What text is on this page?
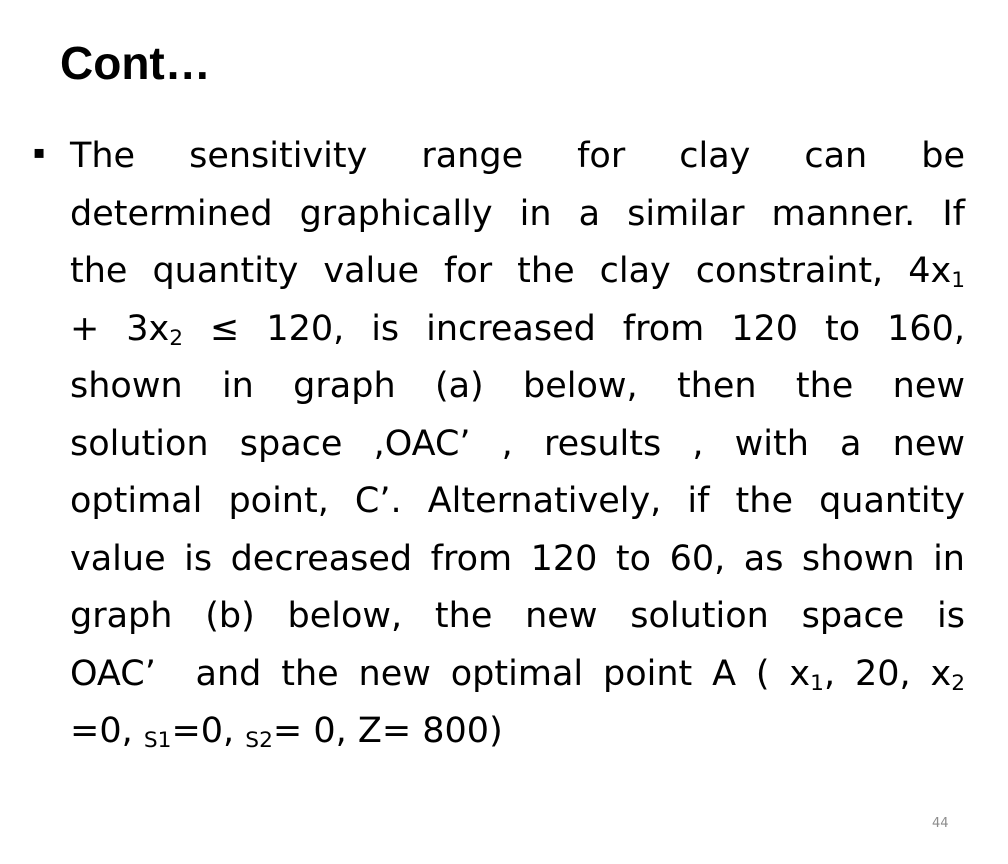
Cont…
▪ The sensitivity range for clay can be
determined graphically in a similar manner. If
the quantity value for the clay constraint, $4x_1$
+ $3x_2 \le 120$, is increased from 120 to 160,
shown in graph (a) below, then the new
solution space ,OAC’ , results , with a new
optimal point, C’. Alternatively, if the quantity
value is decreased from 120 to 60, as shown in
graph (b) below, the new solution space is
OAC’  and the new optimal point A ( $x_1$, 20, $x_2$
=0, $_{S1}$=0, $_{S2}$= 0, Z= 800)
44
